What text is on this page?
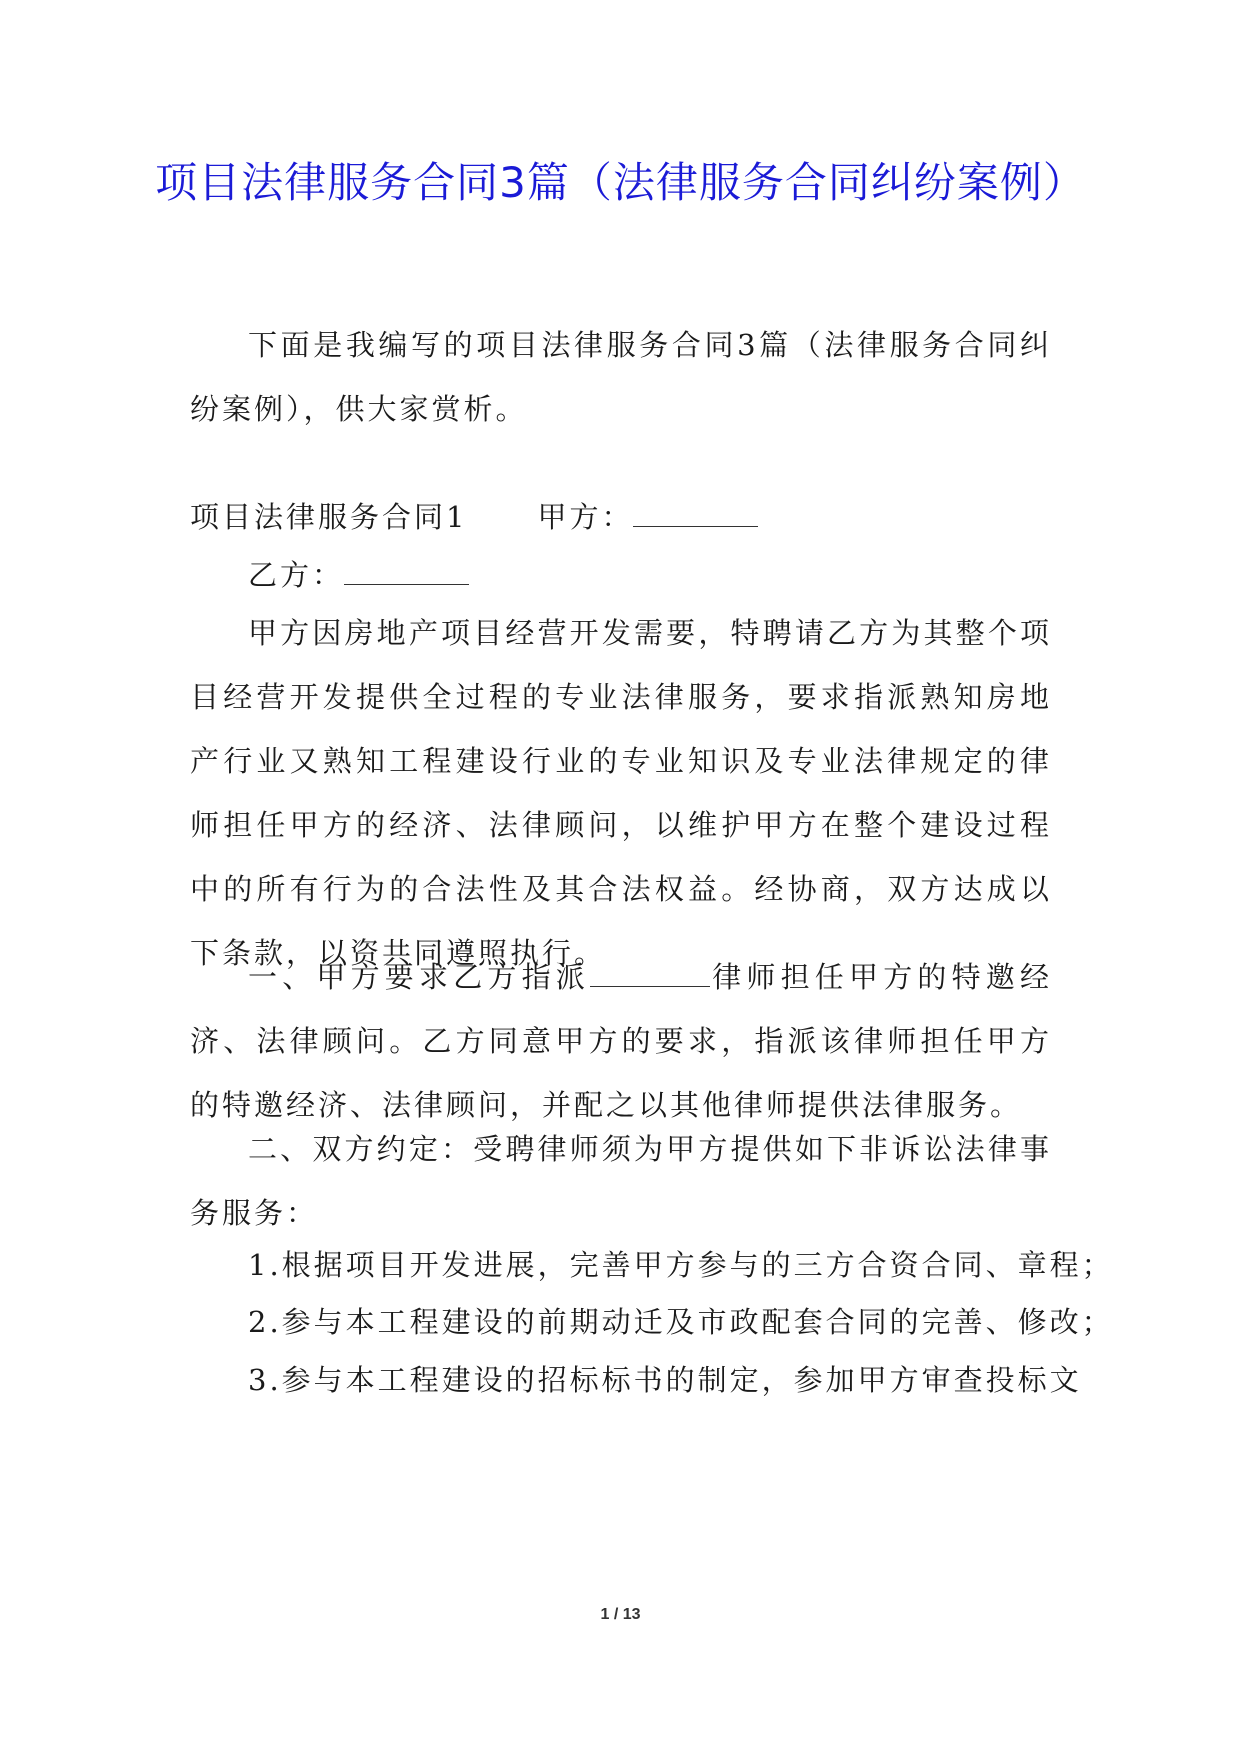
项目法律服务合同3篇（法律服务合同纠纷案例）

下面是我编写的项目法律服务合同3篇（法律服务合同纠纷案例），供大家赏析。

项目法律服务合同1 甲方：
乙方：

甲方因房地产项目经营开发需要，特聘请乙方为其整个项目经营开发提供全过程的专业法律服务，要求指派熟知房地产行业又熟知工程建设行业的专业知识及专业法律规定的律师担任甲方的经济、法律顾问，以维护甲方在整个建设过程中的所有行为的合法性及其合法权益。经协商，双方达成以下条款，以资共同遵照执行。

一、甲方要求乙方指派	律师担任甲方的特邀经济、法律顾问。乙方同意甲方的要求，指派该律师担任甲方的特邀经济、法律顾问，并配之以其他律师提供法律服务。

二、双方约定：受聘律师须为甲方提供如下非诉讼法律事务服务：

1.根据项目开发进展，完善甲方参与的三方合资合同、章程；

2.参与本工程建设的前期动迁及市政配套合同的完善、修改；

3.参与本工程建设的招标标书的制定，参加甲方审查投标文

1 / 13
